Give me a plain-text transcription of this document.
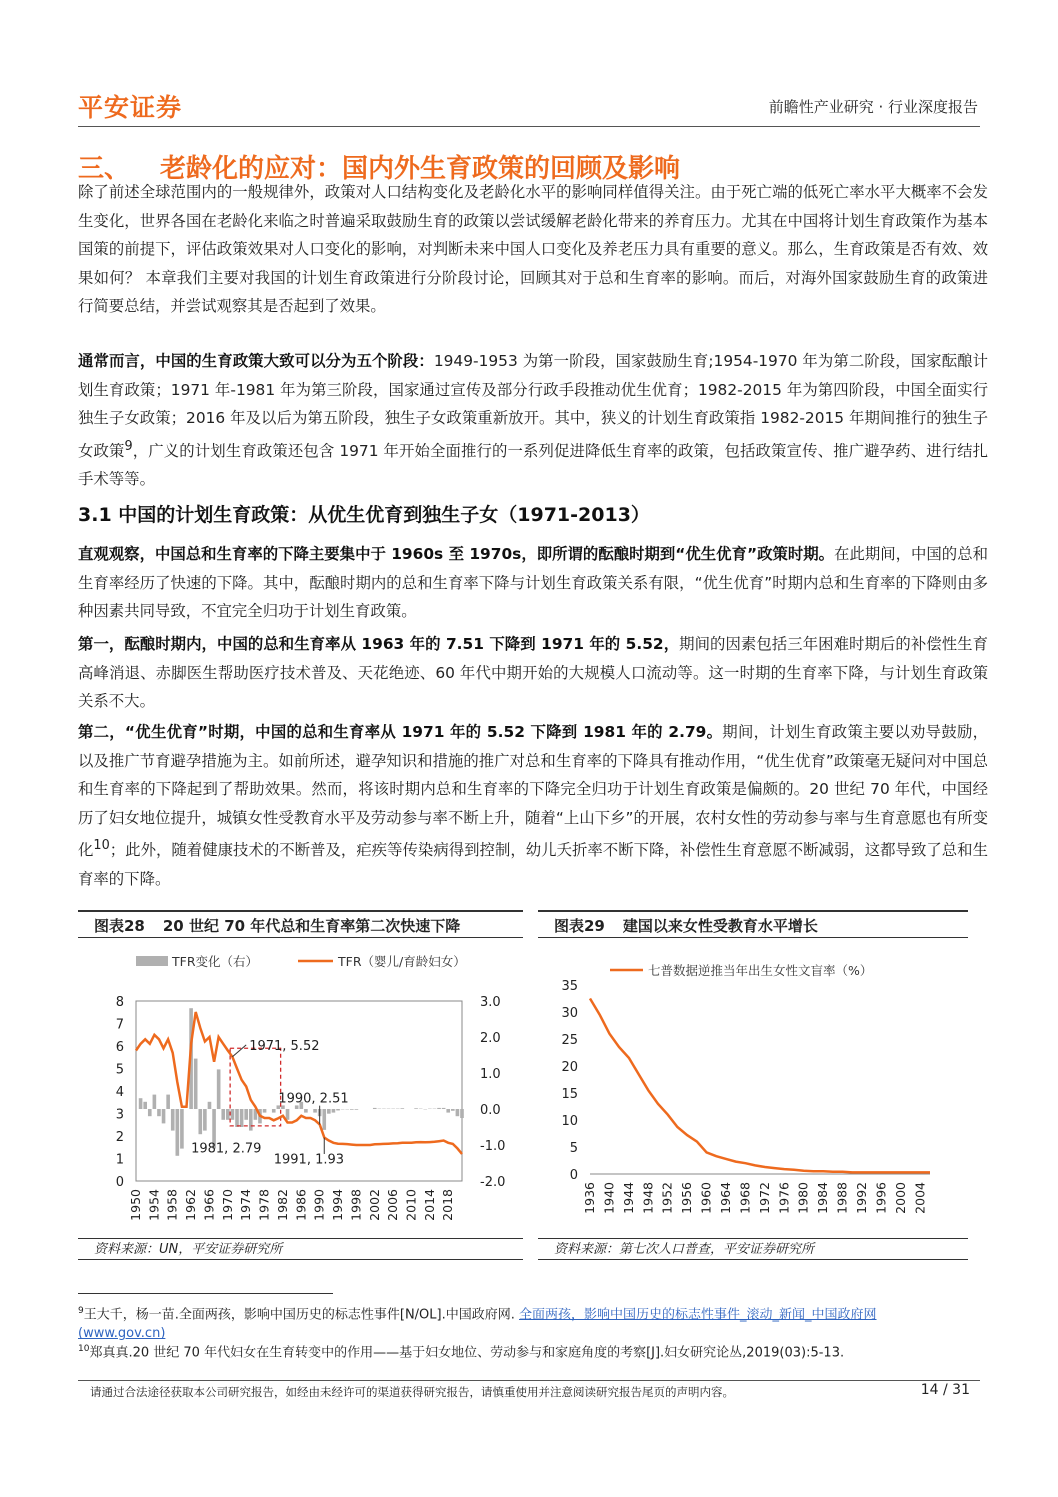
平安证券	前瞻性产业研究 · 行业深度报告
三、 老龄化的应对：国内外生育政策的回顾及影响

除了前述全球范围内的一般规律外，政策对人口结构变化及老龄化水平的影响同样值得关注。由于死亡端的低死亡率水平大概率不会发生变化，世界各国在老龄化来临之时普遍采取鼓励生育的政策以尝试缓解老龄化带来的养育压力。尤其在中国将计划生育政策作为基本国策的前提下，评估政策效果对人口变化的影响，对判断未来中国人口变化及养老压力具有重要的意义。那么，生育政策是否有效、效果如何？ 本章我们主要对我国的计划生育政策进行分阶段讨论，回顾其对于总和生育率的影响。而后，对海外国家鼓励生育的政策进行简要总结，并尝试观察其是否起到了效果。

通常而言，中国的生育政策大致可以分为五个阶段：1949-1953 为第一阶段，国家鼓励生育;1954-1970 年为第二阶段，国家酝酿计划生育政策；1971 年-1981 年为第三阶段，国家通过宣传及部分行政手段推动优生优育；1982-2015 年为第四阶段，中国全面实行独生子女政策；2016 年及以后为第五阶段，独生子女政策重新放开。其中，狭义的计划生育政策指 1982-2015 年期间推行的独生子女政策$^9$，广义的计划生育政策还包含 1971 年开始全面推行的一系列促进降低生育率的政策，包括政策宣传、推广避孕药、进行结扎手术等等。

3.1 中国的计划生育政策：从优生优育到独生子女（1971-2013）

直观观察，中国总和生育率的下降主要集中于 1960s 至 1970s，即所谓的酝酿时期到“优生优育”政策时期。在此期间，中国的总和生育率经历了快速的下降。其中，酝酿时期内的总和生育率下降与计划生育政策关系有限，“优生优育”时期内总和生育率的下降则由多种因素共同导致，不宜完全归功于计划生育政策。

第一，酝酿时期内，中国的总和生育率从 1963 年的 7.51 下降到 1971 年的 5.52，期间的因素包括三年困难时期后的补偿性生育高峰消退、赤脚医生帮助医疗技术普及、天花绝迹、60 年代中期开始的大规模人口流动等。这一时期的生育率下降，与计划生育政策关系不大。

第二，“优生优育”时期，中国的总和生育率从 1971 年的 5.52 下降到 1981 年的 2.79。期间，计划生育政策主要以劝导鼓励，以及推广节育避孕措施为主。如前所述，避孕知识和措施的推广对总和生育率的下降具有推动作用，“优生优育”政策毫无疑问对中国总和生育率的下降起到了帮助效果。然而，将该时期内总和生育率的下降完全归功于计划生育政策是偏颇的。20 世纪 70 年代，中国经历了妇女地位提升，城镇女性受教育水平及劳动参与率不断上升，随着“上山下乡”的开展，农村女性的劳动参与率与生育意愿也有所变化$^{10}$；此外，随着健康技术的不断普及，疟疾等传染病得到控制，幼儿夭折率不断下降，补偿性生育意愿不断减弱，这都导致了总和生育率的下降。

图表28 20 世纪 70 年代总和生育率第二次快速下降
TFR变化（右）	TFR（婴儿/育龄妇女）
0
1
2
3
4
5
6
7
8
-2.0
-1.0
0.0
1.0
2.0
3.0
1971, 5.52
1990, 2.51
1981, 2.79
1991, 1.93
1950 1954 1958 1962 1966 1970 1974 1978 1982 1986 1990 1994 1998 2002 2006 2010 2014 2018
资料来源：UN，平安证券研究所
图表29 建国以来女性受教育水平增长
七普数据逆推当年出生女性文盲率（%）
0
5
10
15
20
25
30
35
1936 1940 1944 1948 1952 1956 1960 1964 1968 1972 1976 1980 1984 1988 1992 1996 2000 2004
资料来源：第七次人口普查，平安证券研究所
$^9$王大千，杨一苗.全面两孩，影响中国历史的标志性事件[N/OL].中国政府网. 全面两孩，影响中国历史的标志性事件_滚动_新闻_中国政府网
(www.gov.cn)
$^{10}$郑真真.20 世纪 70 年代妇女在生育转变中的作用——基于妇女地位、劳动参与和家庭角度的考察[J].妇女研究论丛,2019(03):5-13.
请通过合法途径获取本公司研究报告，如经由未经许可的渠道获得研究报告，请慎重使用并注意阅读研究报告尾页的声明内容。	14 / 31
